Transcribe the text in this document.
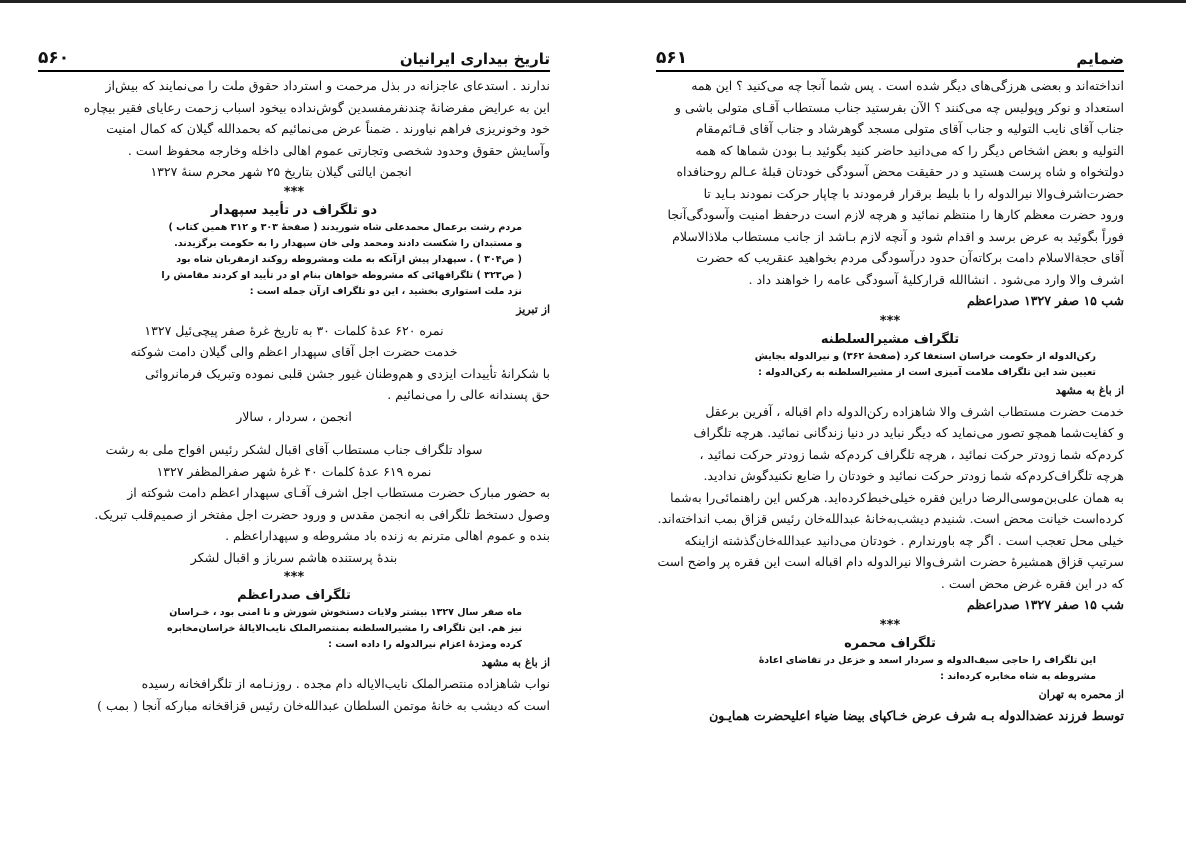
تاریخ بیداری ایرانیان
۵۶۰

ندارند . استدعای عاجزانه در بذل مرحمت و استرداد حقوق ملت را می‌نمایند که بیش‌از

این به عرایض مفرضانهٔ چندنفرمفسدین گوش‌نداده بیخود اسباب زحمت رعایای فقیر بیچاره

خود وخونریزی فراهم نیاورند . ضمناً عرض می‌نمائیم که بحمدالله گیلان که کمال امنیت

وآسایش حقوق وحدود شخصی وتجارتی عموم اهالی داخله وخارجه محفوظ است .

انجمن ایالتی گیلان بتاریخ ۲۵ شهر محرم سنهٔ ۱۳۲۷

***
دو تلگراف در تأیید سپهدار
مردم رشت برعمال محمدعلی شاه شوریدند ( صفحهٔ ۳۰۳ و ۳۱۲ همین کتاب )
و مستبدان را شکست دادند ومحمد ولی خان سپهدار را به حکومت برگزیدند.
( ص۳۰۴ ) . سپهدار پیش ازآنکه به ملت ومشروطه روکند ازمقربان شاه بود
( ص۳۲۳ ) تلگرافهائی که مشروطه خواهان بنام او در تأیید او کردند مقامش را
نزد ملت استواری بخشید ، این دو تلگراف ازآن جمله است :

از تبریز

نمره ۶۲۰ عدهٔ کلمات ۳۰ به تاریخ غرهٔ صفر پیچی‌ئیل ۱۳۲۷

خدمت حضرت اجل آقای سپهدار اعظم والی گیلان دامت شوکته

با شکرانهٔ تأییدات ایزدی و هم‌وطنان غیور جشن قلبی نموده وتبریک فرمانروائی

حق پسندانه عالی را می‌نمائیم .

انجمن ، سردار ، سالار

سواد تلگراف جناب مستطاب آقای اقبال لشکر رئیس افواج ملی به رشت

نمره ۶۱۹ عدهٔ کلمات ۴۰ غرهٔ شهر صفرالمظفر ۱۳۲۷

به حضور مبارک حضرت مستطاب اجل اشرف آقـای سپهدار اعظم دامت شوکته از

وصول دستخط تلگرافی به انجمن مقدس و ورود حضرت اجل مفتخر از صمیم‌قلب تبریک.

بنده و عموم اهالی مترنم به زنده باد مشروطه و سپهداراعظم .

بندهٔ پرستنده هاشم سرباز و اقبال لشکر

***
تلگراف صدراعظم
ماه صفر سال ۱۳۲۷ بیشتر ولایات دستخوش شورش و نا امنی بود ، خـراسان
نیز هم. این تلگراف را مشیرالسلطنه بمنتصرالملک نایب‌الایالهٔ خراسان‌مخابره
کرده ومژدهٔ اعزام نیرالدوله را داده است :

از باغ به مشهد

نواب شاهزاده منتصرالملک نایب‌الایاله دام مجده . روزنـامه از تلگرافخانه رسیده

است که دیشب به خانهٔ موتمن السلطان عبدالله‌خان رئیس قزاقخانه مبارکه آنجا ( بمب )

ضمایم
۵۶۱

انداخته‌اند و بعضی هرزگی‌های دیگر شده است . پس شما آنجا چه می‌کنید ؟ این همه

استعداد و نوکر وپولیس چه می‌کنند ؟ الآن بفرستید جناب مستطاب آقـای متولی باشی و

جناب آقای نایب التولیه و جناب آقای متولی مسجد گوهرشاد و جناب آقای قـائم‌مقام

التولیه و بعض اشخاص دیگر را که می‌دانید حاضر کنید بگوئید بـا بودن شماها که همه

دولتخواه و شاه پرست هستید و در حقیقت محض آسودگی خودتان قبلهٔ عـالم روحنافداه

حضرت‌اشرف‌والا نیرالدوله را با بلیط برقرار فرمودند با چاپار حرکت نمودند بـاید تا

ورود حضرت معظم کارها را منتظم نمائید و هرچه لازم است درحفظ امنیت وآسودگی‌آنجا

فوراً بگوئید به عرض برسد و اقدام شود و آنچه لازم بـاشد از جانب مستطاب ملاذالاسلام

آقای حجة‌الاسلام دامت برکاته‌آن حدود درآسودگی مردم بخواهید عنقریب که حضرت

اشرف والا وارد می‌شود . انشاالله قرارکلیهٔ آسودگی عامه را خواهند داد .

شب ۱۵ صفر ۱۳۲۷ صدراعظم

***
تلگراف مشیرالسلطنه
رکن‌الدوله از حکومت خراسان استعفا کرد (صفحهٔ ۳۶۲) و نیرالدوله بجایش
تعیین شد این تلگراف ملامت آمیزی است از مشیرالسلطنه به رکن‌الدوله :

از باغ به مشهد

خدمت حضرت مستطاب اشرف والا شاهزاده رکن‌الدوله دام اقباله ، آفرین برعقل

و کفایت‌شما همچو تصور می‌نماید که دیگر نباید در دنیا زندگانی نمائید. هرچه تلگراف

کردم‌که شما زودتر حرکت نمائید ، هرچه تلگراف کردم‌که شما زودتر حرکت نمائید ،

هرچه تلگراف‌کردم‌که شما زودتر حرکت نمائید و خودتان را ضایع نکنید‌گوش ندادید.

به همان علی‌بن‌موسی‌الرضا دراین فقره خیلی‌خبط‌کرده‌اید. هرکس این راهنمائی‌را به‌شما

کرده‌است خیانت محض است. شنیدم دیشب‌به‌خانهٔ عبدالله‌خان رئیس قزاق بمب انداخته‌اند.

خیلی محل تعجب است . اگر چه باورندارم . خودتان می‌دانید عبدالله‌خان‌گذشته ازاینکه

سرتیپ قزاق همشیرهٔ حضرت اشرف‌والا نیرالدوله دام اقباله است این فقره پر واضح است

که در این فقره غرض محض است .

شب ۱۵ صفر ۱۳۲۷ صدراعظم

***
تلگراف محمره
این تلگراف را حاجی سیف‌الدوله و سردار اسعد و خزعل در تقاضای اعادهٔ
مشروطه به شاه مخابره کرده‌اند :

از محمره به تهران

توسط فرزند عضدالدوله بـه شرف عرض خـاکپای بیضا ضیاء اعلیحضرت همایـون
